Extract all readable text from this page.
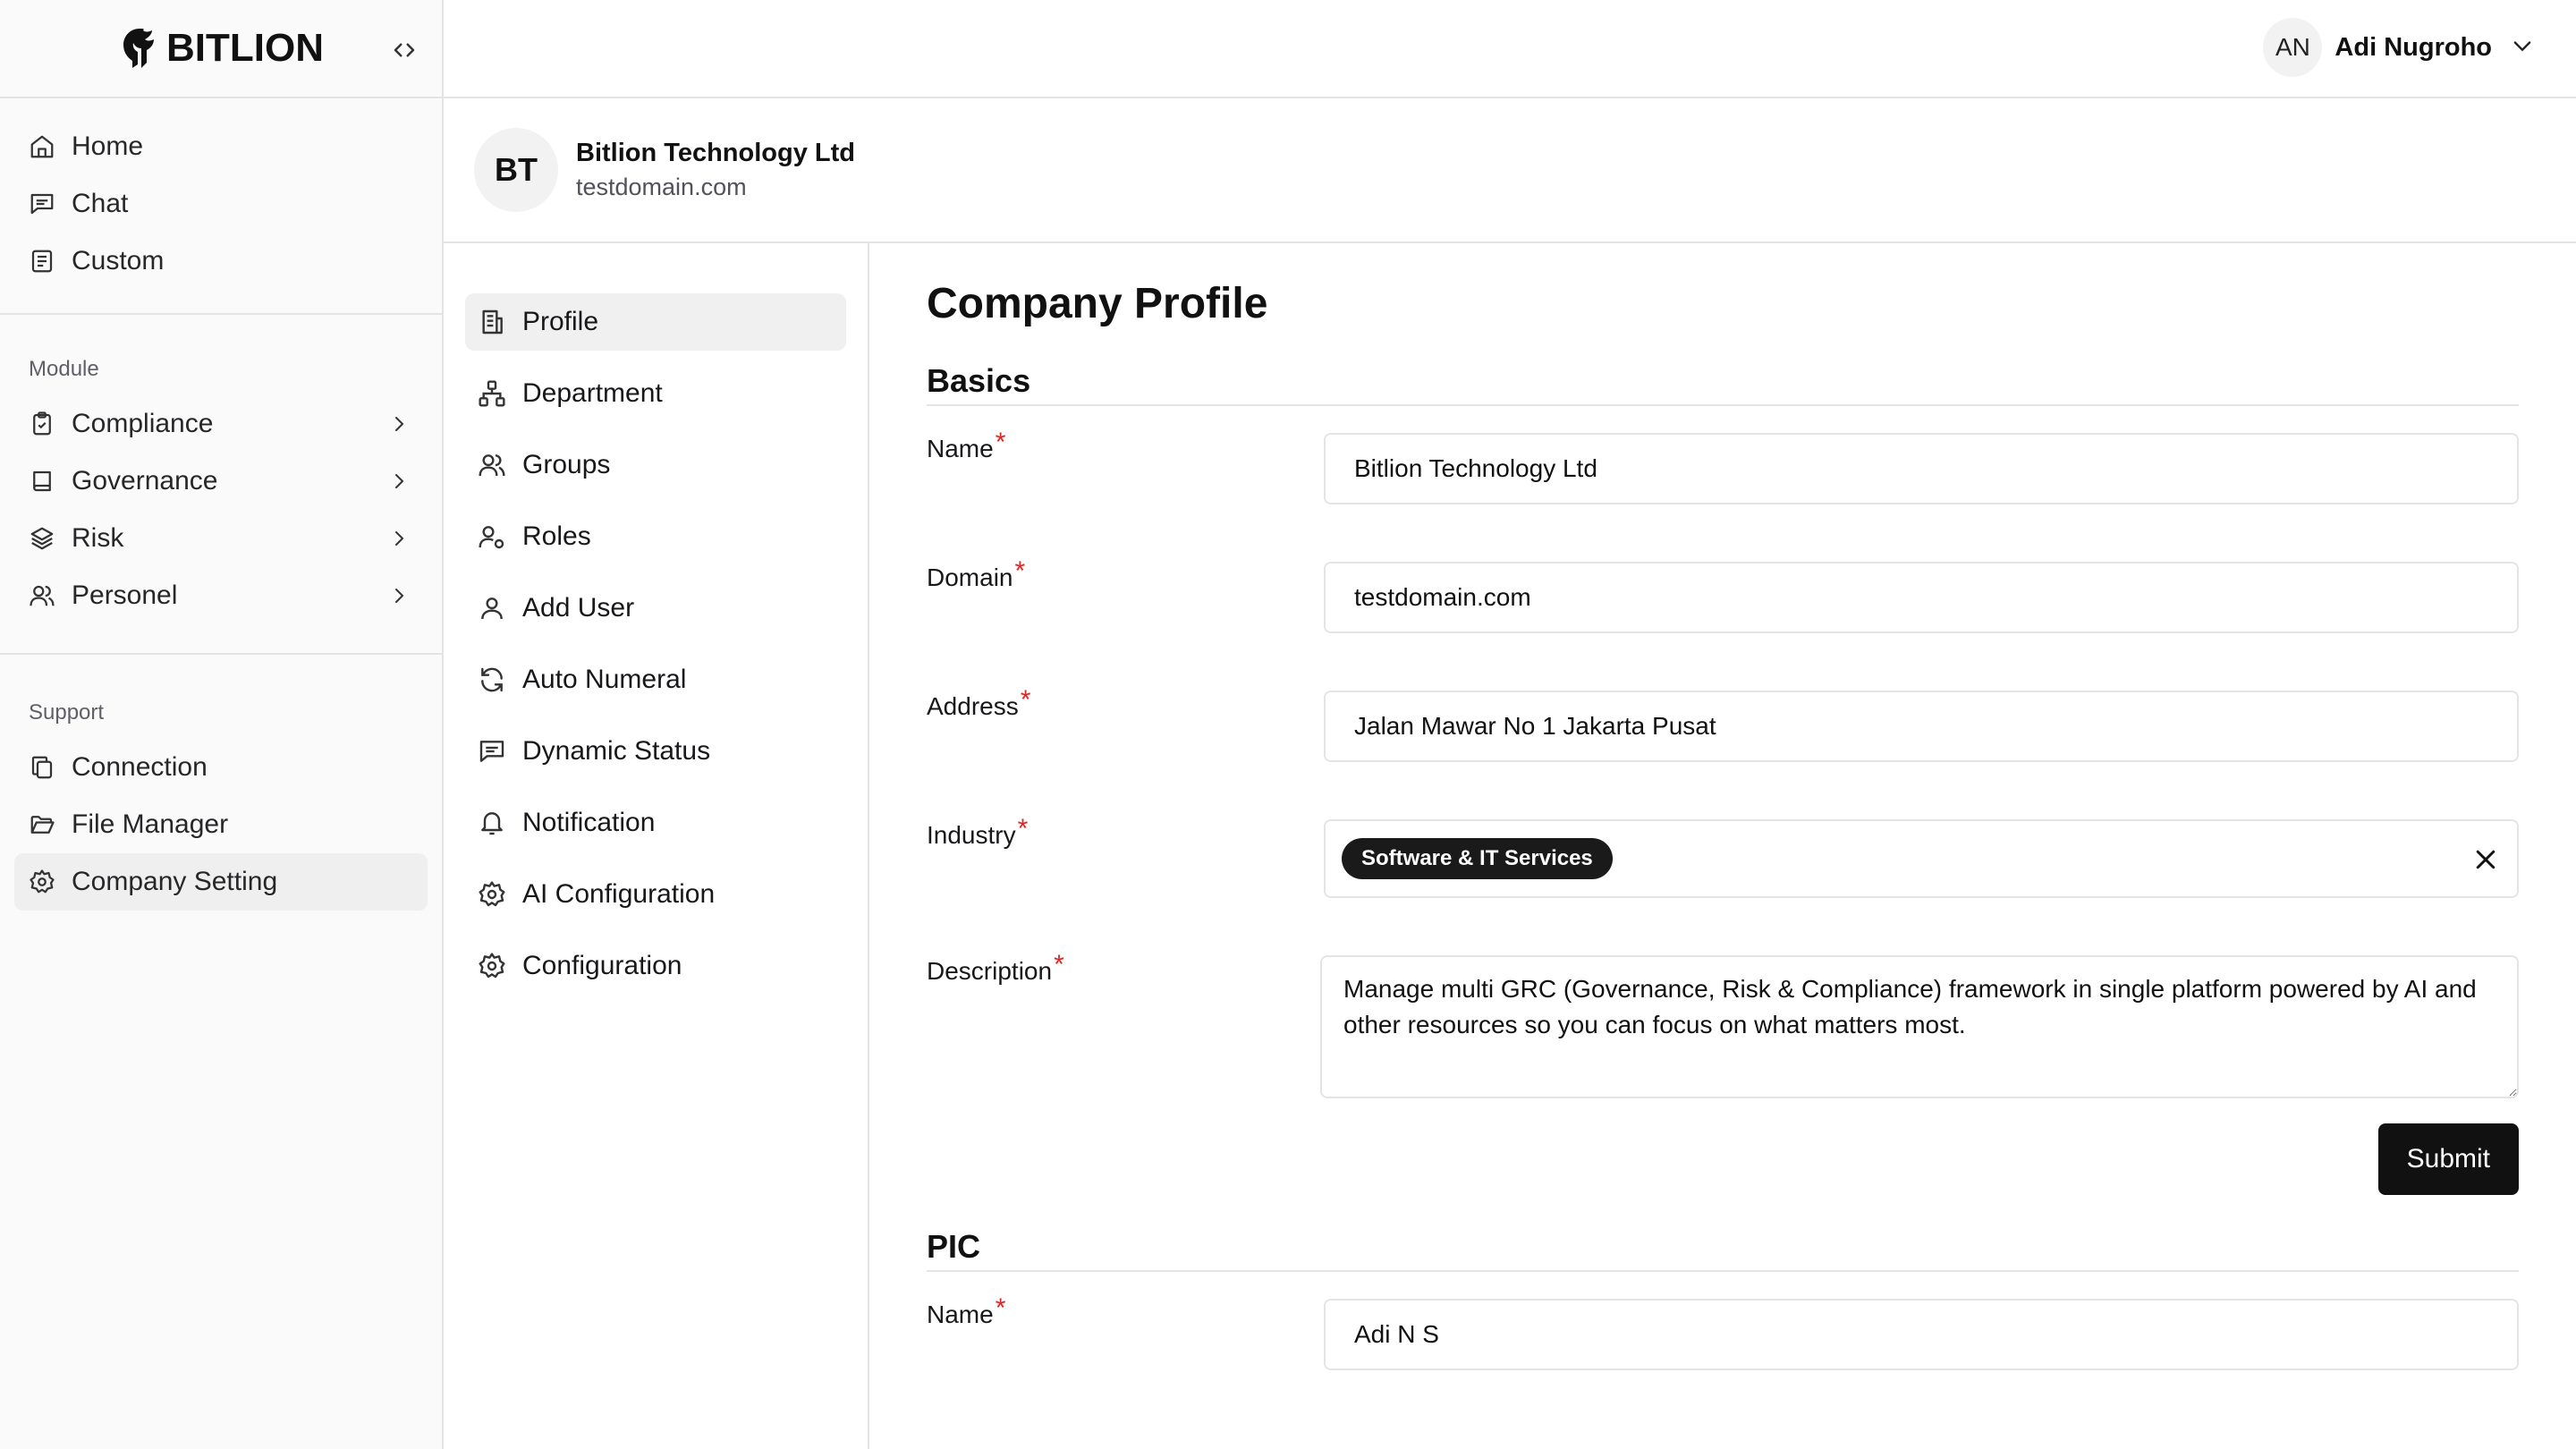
BITLION
Home
Chat
Custom
Module
Compliance
Governance
Risk
Personel
Support
Connection
File Manager
Company Setting
AN Adi Nugroho
BT	Bitlion Technology Ltd
testdomain.com
Profile
Department
Groups
Roles
Add User
Auto Numeral
Dynamic Status
Notification
AI Configuration
Configuration
Company Profile
Basics
Name*
Bitlion Technology Ltd
Domain*
testdomain.com
Address*
Jalan Mawar No 1 Jakarta Pusat
Industry*
Software & IT Services
Description*
Manage multi GRC (Governance, Risk & Compliance) framework in single platform powered by AI and other resources so you can focus on what matters most.
Submit
PIC
Name*
Adi N S
